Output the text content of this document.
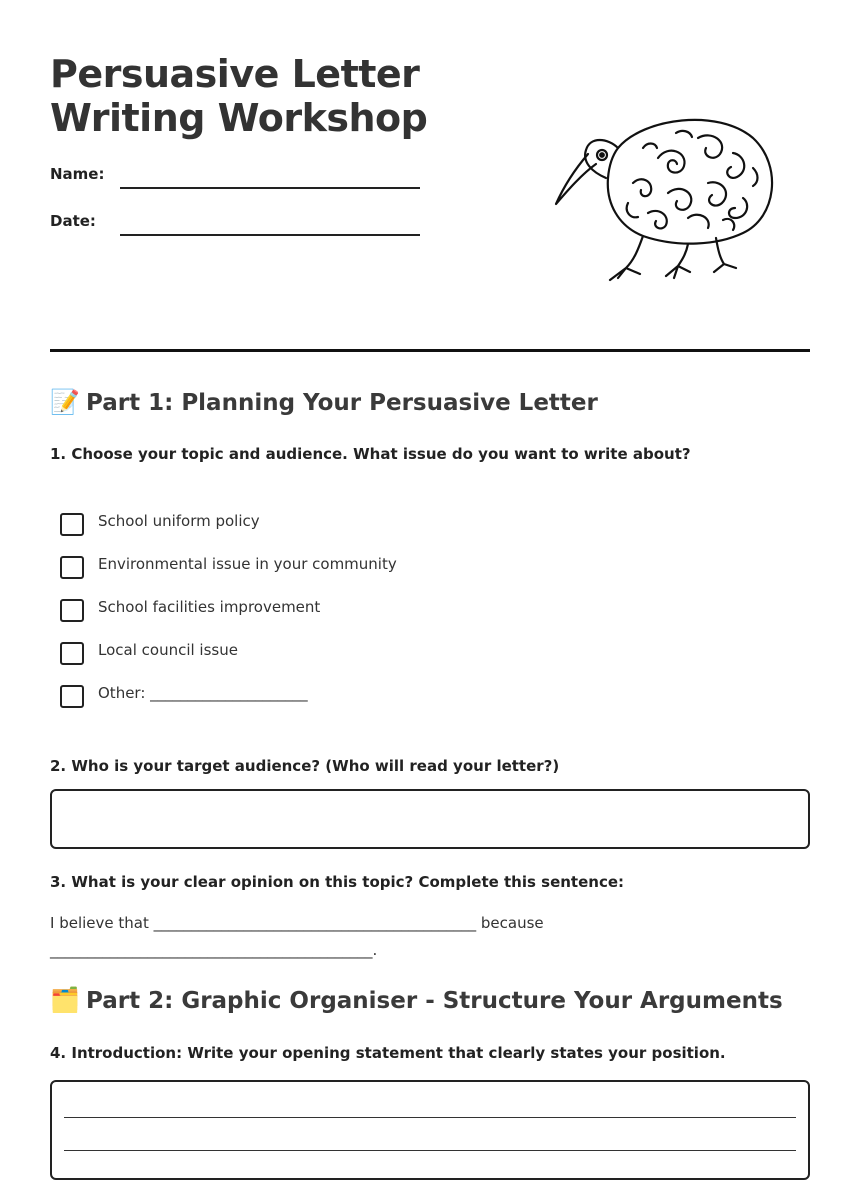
Persuasive Letter
Writing Workshop
Name:
Date:
📝 Part 1: Planning Your Persuasive Letter
1. Choose your topic and audience. What issue do you want to write about?
School uniform policy
Environmental issue in your community
School facilities improvement
Local council issue
Other: _____________________
2. Who is your target audience? (Who will read your letter?)
3. What is your clear opinion on this topic? Complete this sentence:
I believe that ___________________________________________ because
___________________________________________.
🗂️ Part 2: Graphic Organiser - Structure Your Arguments
4. Introduction: Write your opening statement that clearly states your position.
